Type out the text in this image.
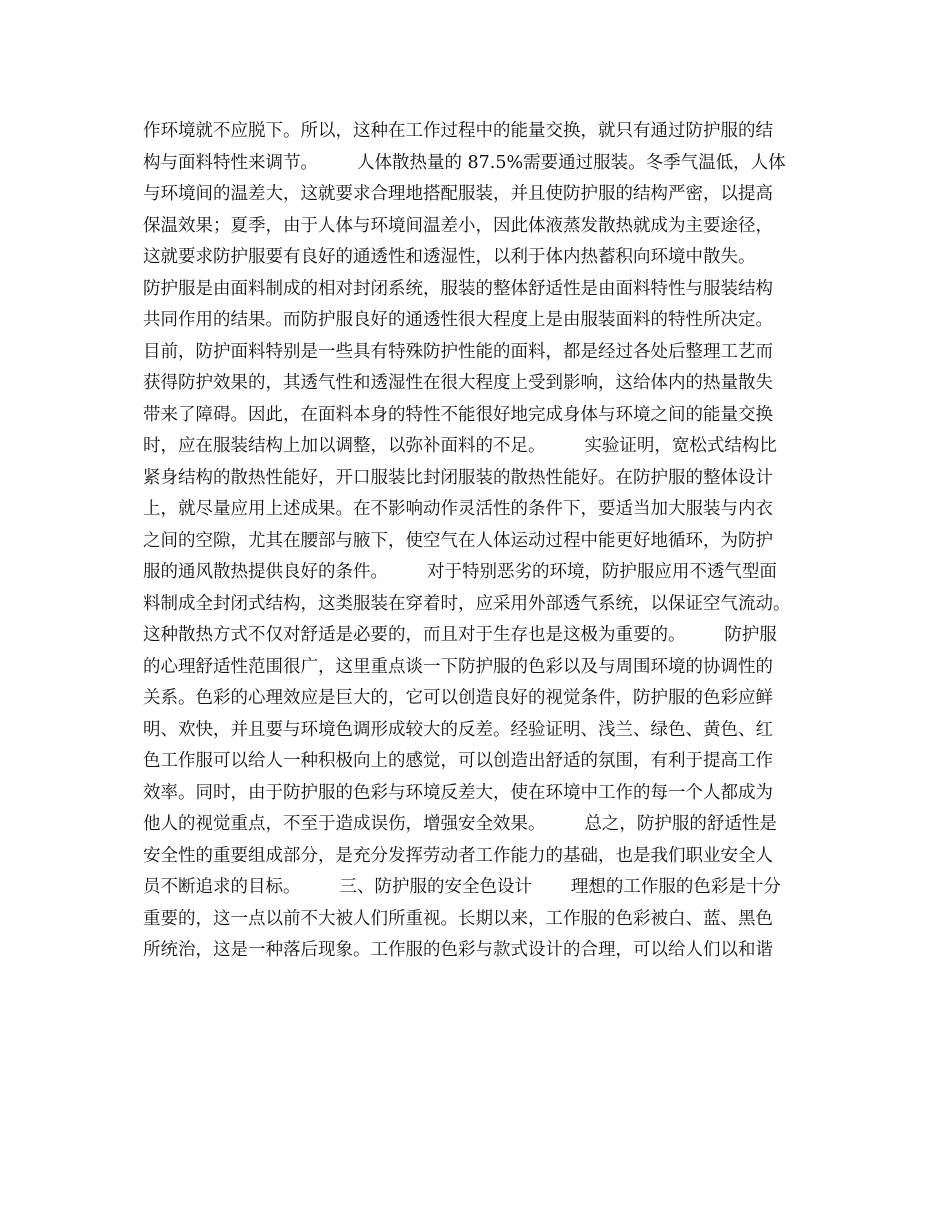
作环境就不应脱下。所以，这种在工作过程中的能量交换，就只有通过防护服的结
构与面料特性来调节。       人体散热量的 87.5%需要通过服装。冬季气温低，人体
与环境间的温差大，这就要求合理地搭配服装，并且使防护服的结构严密，以提高
保温效果；夏季，由于人体与环境间温差小，因此体液蒸发散热就成为主要途径，
这就要求防护服要有良好的通透性和透湿性，以利于体内热蓄积向环境中散失。
防护服是由面料制成的相对封闭系统，服装的整体舒适性是由面料特性与服装结构
共同作用的结果。而防护服良好的通透性很大程度上是由服装面料的特性所决定。
目前，防护面料特别是一些具有特殊防护性能的面料，都是经过各处后整理工艺而
获得防护效果的，其透气性和透湿性在很大程度上受到影响，这给体内的热量散失
带来了障碍。因此，在面料本身的特性不能很好地完成身体与环境之间的能量交换
时，应在服装结构上加以调整，以弥补面料的不足。       实验证明，宽松式结构比
紧身结构的散热性能好，开口服装比封闭服装的散热性能好。在防护服的整体设计
上，就尽量应用上述成果。在不影响动作灵活性的条件下，要适当加大服装与内衣
之间的空隙，尤其在腰部与腋下，使空气在人体运动过程中能更好地循环，为防护
服的通风散热提供良好的条件。       对于特别恶劣的环境，防护服应用不透气型面
料制成全封闭式结构，这类服装在穿着时，应采用外部透气系统，以保证空气流动。
这种散热方式不仅对舒适是必要的，而且对于生存也是这极为重要的。       防护服
的心理舒适性范围很广，这里重点谈一下防护服的色彩以及与周围环境的协调性的
关系。色彩的心理效应是巨大的，它可以创造良好的视觉条件，防护服的色彩应鲜
明、欢快，并且要与环境色调形成较大的反差。经验证明、浅兰、绿色、黄色、红
色工作服可以给人一种积极向上的感觉，可以创造出舒适的氛围，有利于提高工作
效率。同时，由于防护服的色彩与环境反差大，使在环境中工作的每一个人都成为
他人的视觉重点，不至于造成误伤，增强安全效果。       总之，防护服的舒适性是
安全性的重要组成部分，是充分发挥劳动者工作能力的基础，也是我们职业安全人
员不断追求的目标。       三、防护服的安全色设计       理想的工作服的色彩是十分
重要的，这一点以前不大被人们所重视。长期以来，工作服的色彩被白、蓝、黑色
所统治，这是一种落后现象。工作服的色彩与款式设计的合理，可以给人们以和谐
